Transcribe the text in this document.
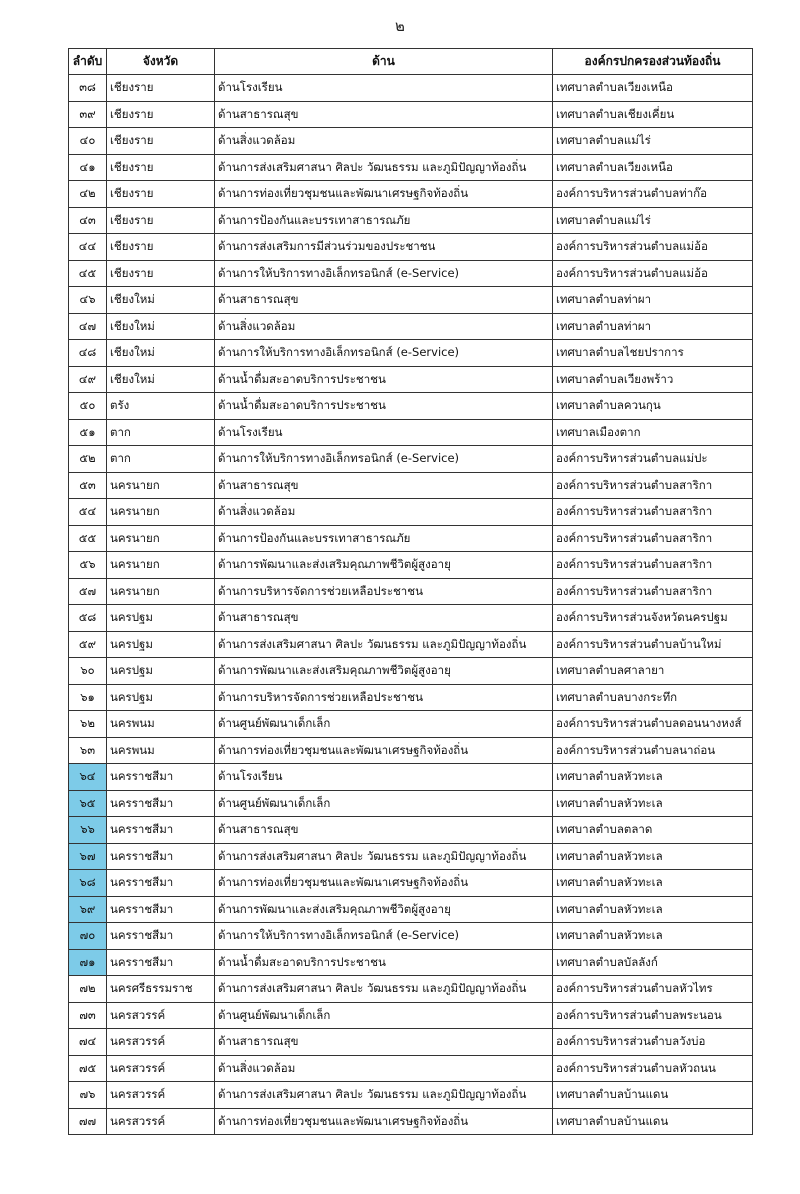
๒
ลำดับ	จังหวัด	ด้าน	องค์กรปกครองส่วนท้องถิ่น
๓๘	เชียงราย	ด้านโรงเรียน	เทศบาลตำบลเวียงเหนือ
๓๙	เชียงราย	ด้านสาธารณสุข	เทศบาลตำบลเชียงเคี่ยน
๔๐	เชียงราย	ด้านสิ่งแวดล้อม	เทศบาลตำบลแม่ไร่
๔๑	เชียงราย	ด้านการส่งเสริมศาสนา ศิลปะ วัฒนธรรม และภูมิปัญญาท้องถิ่น	เทศบาลตำบลเวียงเหนือ
๔๒	เชียงราย	ด้านการท่องเที่ยวชุมชนและพัฒนาเศรษฐกิจท้องถิ่น	องค์การบริหารส่วนตำบลท่าก๊อ
๔๓	เชียงราย	ด้านการป้องกันและบรรเทาสาธารณภัย	เทศบาลตำบลแม่ไร่
๔๔	เชียงราย	ด้านการส่งเสริมการมีส่วนร่วมของประชาชน	องค์การบริหารส่วนตำบลแม่อ้อ
๔๕	เชียงราย	ด้านการให้บริการทางอิเล็กทรอนิกส์ (e-Service)	องค์การบริหารส่วนตำบลแม่อ้อ
๔๖	เชียงใหม่	ด้านสาธารณสุข	เทศบาลตำบลท่าผา
๔๗	เชียงใหม่	ด้านสิ่งแวดล้อม	เทศบาลตำบลท่าผา
๔๘	เชียงใหม่	ด้านการให้บริการทางอิเล็กทรอนิกส์ (e-Service)	เทศบาลตำบลไชยปราการ
๔๙	เชียงใหม่	ด้านน้ำดื่มสะอาดบริการประชาชน	เทศบาลตำบลเวียงพร้าว
๕๐	ตรัง	ด้านน้ำดื่มสะอาดบริการประชาชน	เทศบาลตำบลควนกุน
๕๑	ตาก	ด้านโรงเรียน	เทศบาลเมืองตาก
๕๒	ตาก	ด้านการให้บริการทางอิเล็กทรอนิกส์ (e-Service)	องค์การบริหารส่วนตำบลแม่ปะ
๕๓	นครนายก	ด้านสาธารณสุข	องค์การบริหารส่วนตำบลสาริกา
๕๔	นครนายก	ด้านสิ่งแวดล้อม	องค์การบริหารส่วนตำบลสาริกา
๕๕	นครนายก	ด้านการป้องกันและบรรเทาสาธารณภัย	องค์การบริหารส่วนตำบลสาริกา
๕๖	นครนายก	ด้านการพัฒนาและส่งเสริมคุณภาพชีวิตผู้สูงอายุ	องค์การบริหารส่วนตำบลสาริกา
๕๗	นครนายก	ด้านการบริหารจัดการช่วยเหลือประชาชน	องค์การบริหารส่วนตำบลสาริกา
๕๘	นครปฐม	ด้านสาธารณสุข	องค์การบริหารส่วนจังหวัดนครปฐม
๕๙	นครปฐม	ด้านการส่งเสริมศาสนา ศิลปะ วัฒนธรรม และภูมิปัญญาท้องถิ่น	องค์การบริหารส่วนตำบลบ้านใหม่
๖๐	นครปฐม	ด้านการพัฒนาและส่งเสริมคุณภาพชีวิตผู้สูงอายุ	เทศบาลตำบลศาลายา
๖๑	นครปฐม	ด้านการบริหารจัดการช่วยเหลือประชาชน	เทศบาลตำบลบางกระทึก
๖๒	นครพนม	ด้านศูนย์พัฒนาเด็กเล็ก	องค์การบริหารส่วนตำบลดอนนางหงส์
๖๓	นครพนม	ด้านการท่องเที่ยวชุมชนและพัฒนาเศรษฐกิจท้องถิ่น	องค์การบริหารส่วนตำบลนาถ่อน
๖๔	นครราชสีมา	ด้านโรงเรียน	เทศบาลตำบลหัวทะเล
๖๕	นครราชสีมา	ด้านศูนย์พัฒนาเด็กเล็ก	เทศบาลตำบลหัวทะเล
๖๖	นครราชสีมา	ด้านสาธารณสุข	เทศบาลตำบลตลาด
๖๗	นครราชสีมา	ด้านการส่งเสริมศาสนา ศิลปะ วัฒนธรรม และภูมิปัญญาท้องถิ่น	เทศบาลตำบลหัวทะเล
๖๘	นครราชสีมา	ด้านการท่องเที่ยวชุมชนและพัฒนาเศรษฐกิจท้องถิ่น	เทศบาลตำบลหัวทะเล
๖๙	นครราชสีมา	ด้านการพัฒนาและส่งเสริมคุณภาพชีวิตผู้สูงอายุ	เทศบาลตำบลหัวทะเล
๗๐	นครราชสีมา	ด้านการให้บริการทางอิเล็กทรอนิกส์ (e-Service)	เทศบาลตำบลหัวทะเล
๗๑	นครราชสีมา	ด้านน้ำดื่มสะอาดบริการประชาชน	เทศบาลตำบลบัลลังก์
๗๒	นครศรีธรรมราช	ด้านการส่งเสริมศาสนา ศิลปะ วัฒนธรรม และภูมิปัญญาท้องถิ่น	องค์การบริหารส่วนตำบลหัวไทร
๗๓	นครสวรรค์	ด้านศูนย์พัฒนาเด็กเล็ก	องค์การบริหารส่วนตำบลพระนอน
๗๔	นครสวรรค์	ด้านสาธารณสุข	องค์การบริหารส่วนตำบลวังบ่อ
๗๕	นครสวรรค์	ด้านสิ่งแวดล้อม	องค์การบริหารส่วนตำบลหัวถนน
๗๖	นครสวรรค์	ด้านการส่งเสริมศาสนา ศิลปะ วัฒนธรรม และภูมิปัญญาท้องถิ่น	เทศบาลตำบลบ้านแดน
๗๗	นครสวรรค์	ด้านการท่องเที่ยวชุมชนและพัฒนาเศรษฐกิจท้องถิ่น	เทศบาลตำบลบ้านแดน
